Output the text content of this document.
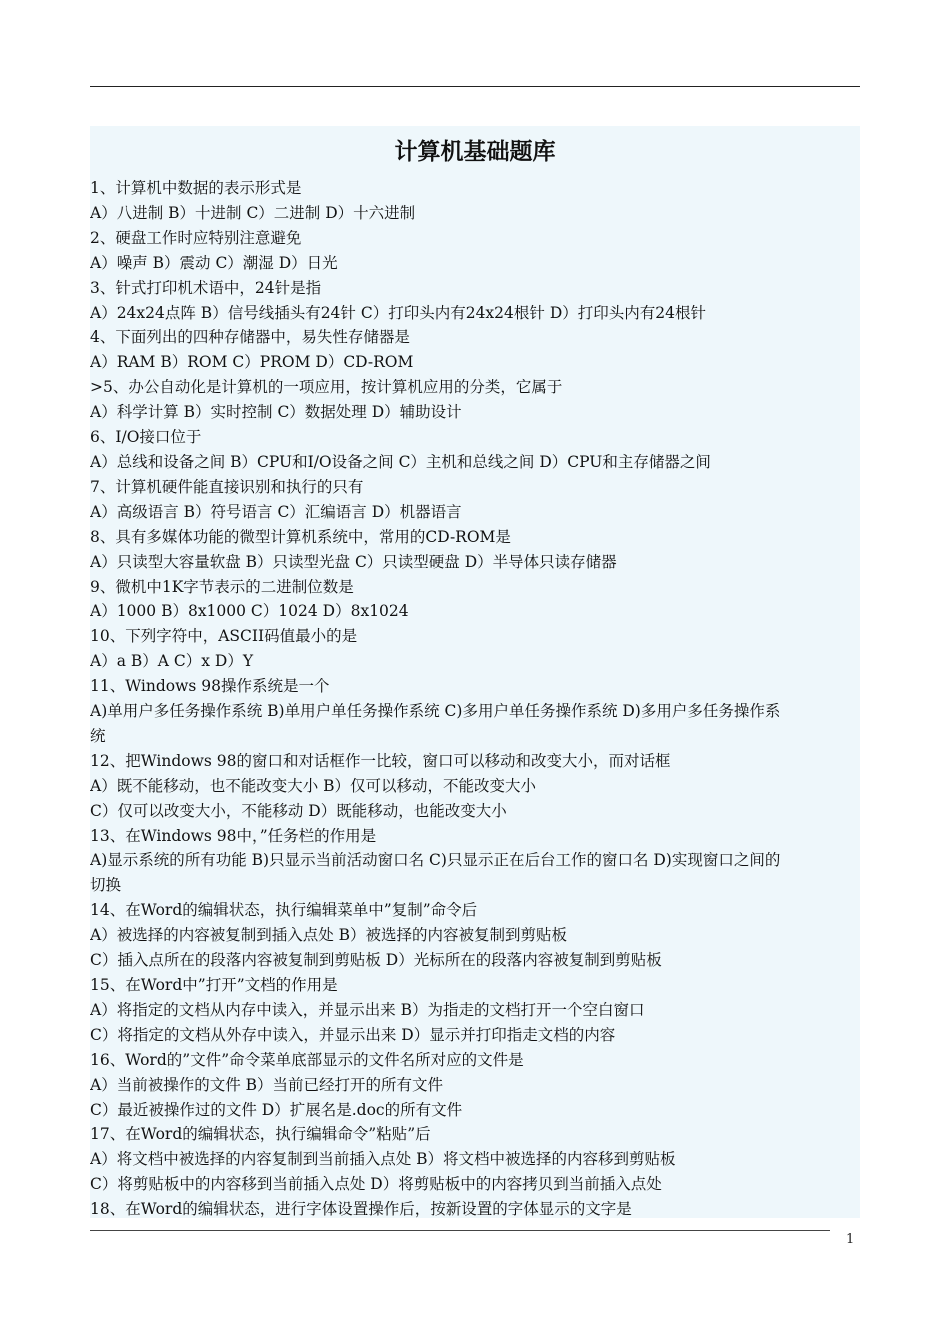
计算机基础题库
1、计算机中数据的表示形式是
A）八进制 B）十进制 C）二进制 D）十六进制
2、硬盘工作时应特别注意避免
A）噪声 B）震动 C）潮湿 D）日光
3、针式打印机术语中，24针是指
A）24x24点阵 B）信号线插头有24针 C）打印头内有24x24根针 D）打印头内有24根针
4、下面列出的四种存储器中，易失性存储器是
A）RAM B）ROM C）PROM D）CD-ROM
>5、办公自动化是计算机的一项应用，按计算机应用的分类，它属于
A）科学计算 B）实时控制 C）数据处理 D）辅助设计
6、I/O接口位于
A）总线和设备之间 B）CPU和I/O设备之间 C）主机和总线之间 D）CPU和主存储器之间
7、计算机硬件能直接识别和执行的只有
A）高级语言 B）符号语言 C）汇编语言 D）机器语言
8、具有多媒体功能的微型计算机系统中，常用的CD-ROM是
A）只读型大容量软盘 B）只读型光盘 C）只读型硬盘 D）半导体只读存储器
9、微机中1K字节表示的二进制位数是
A）1000 B）8x1000 C）1024 D）8x1024
10、下列字符中，ASCII码值最小的是
A）a B）A C）x D）Y
11、Windows 98操作系统是一个
A)单用户多任务操作系统 B)单用户单任务操作系统 C)多用户单任务操作系统 D)多用户多任务操作系
统
12、把Windows 98的窗口和对话框作一比较，窗口可以移动和改变大小，而对话框
A）既不能移动，也不能改变大小 B）仅可以移动，不能改变大小
C）仅可以改变大小，不能移动 D）既能移动，也能改变大小
13、在Windows 98中，”任务栏的作用是
A)显示系统的所有功能 B)只显示当前活动窗口名 C)只显示正在后台工作的窗口名 D)实现窗口之间的
切换
14、在Word的编辑状态，执行编辑菜单中”复制”命令后
A）被选择的内容被复制到插入点处 B）被选择的内容被复制到剪贴板
C）插入点所在的段落内容被复制到剪贴板 D）光标所在的段落内容被复制到剪贴板
15、在Word中”打开”文档的作用是
A）将指定的文档从内存中读入，并显示出来 B）为指走的文档打开一个空白窗口
C）将指定的文档从外存中读入，并显示出来 D）显示并打印指走文档的内容
16、Word的”文件”命令菜单底部显示的文件名所对应的文件是
A）当前被操作的文件 B）当前已经打开的所有文件
C）最近被操作过的文件 D）扩展名是.doc的所有文件
17、在Word的编辑状态，执行编辑命令”粘贴”后
A）将文档中被选择的内容复制到当前插入点处 B）将文档中被选择的内容移到剪贴板
C）将剪贴板中的内容移到当前插入点处 D）将剪贴板中的内容拷贝到当前插入点处
18、在Word的编辑状态，进行字体设置操作后，按新设置的字体显示的文字是
1
